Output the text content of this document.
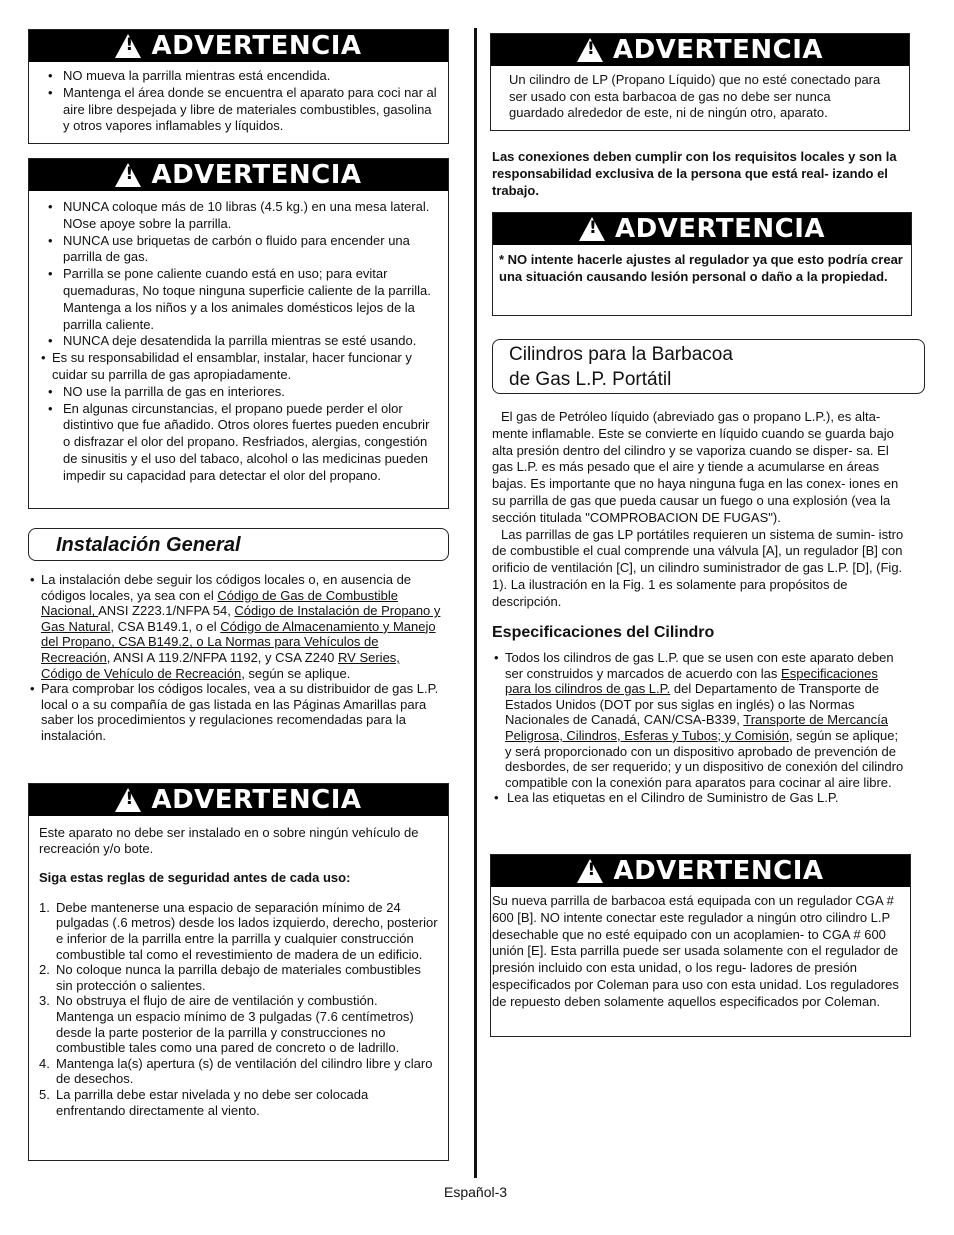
!
ADVERTENCIA
• NO mueva la parrilla mientras está encendida.
• Mantenga el área donde se encuentra el aparato para coci nar al aire libre despejada y libre de materiales combustibles, gasolina y otros vapores inflamables y líquidos.
!
ADVERTENCIA
• NUNCA coloque más de 10 libras (4.5 kg.) en una mesa lateral. NOse apoye sobre la parrilla.
• NUNCA use briquetas de carbón o fluido para encender una parrilla de gas.
• Parrilla se pone caliente cuando está en uso; para evitar quemaduras, No toque ninguna superficie caliente de la parrilla. Mantenga a los niños y a los animales domésticos lejos de la parrilla caliente.
• NUNCA deje desatendida la parrilla mientras se esté usando.
• Es su responsabilidad el ensamblar, instalar, hacer funcionar y cuidar su parrilla de gas apropiadamente.
• NO use la parrilla de gas en interiores.
• En algunas circunstancias, el propano puede perder el olor distintivo que fue añadido. Otros olores fuertes pueden encubrir o disfrazar el olor del propano. Resfriados, alergias, congestión de sinusitis y el uso del tabaco, alcohol o las medicinas pueden impedir su capacidad para detectar el olor del propano.
Instalación General
• La instalación debe seguir los códigos locales o, en ausencia de códigos locales, ya sea con el Código de Gas de Combustible Nacional, ANSI Z223.1/NFPA 54, Código de Instalación de Propano y Gas Natural, CSA B149.1, o el Código de Almacenamiento y Manejo del Propano, CSA B149.2, o La Normas para Vehículos de Recreación, ANSI A 119.2/NFPA 1192, y CSA Z240 RV Series, Código de Vehículo de Recreación, según se aplique.
• Para comprobar los códigos locales, vea a su distribuidor de gas L.P. local o a su compañía de gas listada en las Páginas Amarillas para saber los procedimientos y regulaciones recomendadas para la instalación.
!
ADVERTENCIA

Este aparato no debe ser instalado en o sobre ningún vehículo de recreación y/o bote.

Siga estas reglas de seguridad antes de cada uso:

1. Debe mantenerse una espacio de separación mínimo de 24 pulgadas (.6 metros) desde los lados izquierdo, derecho, posterior e inferior de la parrilla entre la parrilla y cualquier construcción combustible tal como el revestimiento de madera de un edificio.
2. No coloque nunca la parrilla debajo de materiales combustibles sin protección o salientes.
3. No obstruya el flujo de aire de ventilación y combustión. Mantenga un espacio mínimo de 3 pulgadas (7.6 centímetros) desde la parte posterior de la parrilla y construcciones no combustible tales como una pared de concreto o de ladrillo.
4. Mantenga la(s) apertura (s) de ventilación del cilindro libre y claro de desechos.
5. La parrilla debe estar nivelada y no debe ser colocada enfrentando directamente al viento.
!
ADVERTENCIA
Un cilindro de LP (Propano Líquido) que no esté conectado para ser usado con esta barbacoa de gas no debe ser nunca guardado alrededor de este, ni de ningún otro, aparato.
Las conexiones deben cumplir con los requisitos locales y son la responsabilidad exclusiva de la persona que está real- izando el trabajo.
!
ADVERTENCIA
* NO intente hacerle ajustes al regulador ya que esto podría crear una situación causando lesión personal o daño a la propiedad.
Cilindros para la Barbacoa
de Gas L.P. Portátil

El gas de Petróleo líquido (abreviado gas o propano L.P.), es alta- mente inflamable. Este se convierte en líquido cuando se guarda bajo alta presión dentro del cilindro y se vaporiza cuando se disper- sa. El gas L.P. es más pesado que el aire y tiende a acumularse en áreas bajas. Es importante que no haya ninguna fuga en las conex- iones en su parrilla de gas que pueda causar un fuego o una explosión (vea la sección titulada "COMPROBACION DE FUGAS").

Las parrillas de gas LP portátiles requieren un sistema de sumin- istro de combustible el cual comprende una válvula [A], un regulador [B] con orificio de ventilación [C], un cilindro suministrador de gas L.P. [D], (Fig. 1). La ilustración en la Fig. 1 es solamente para propósitos de descripción.

Especificaciones del Cilindro
• Todos los cilindros de gas L.P. que se usen con este aparato deben ser construidos y marcados de acuerdo con las Especificaciones para los cilindros de gas L.P. del Departamento de Transporte de Estados Unidos (DOT por sus siglas en inglés) o las Normas Nacionales de Canadá, CAN/CSA-B339, Transporte de Mercancía Peligrosa, Cilindros, Esferas y Tubos; y Comisión, según se aplique; y será proporcionado con un dispositivo aprobado de prevención de desbordes, de ser requerido; y un dispositivo de conexión del cilindro compatible con la conexión para aparatos para cocinar al aire libre.
• Lea las etiquetas en el Cilindro de Suministro de Gas L.P.
!
ADVERTENCIA
Su nueva parrilla de barbacoa está equipada con un regulador CGA # 600 [B]. NO intente conectar este regulador a ningún otro cilindro L.P desechable que no esté equipado con un acoplamien- to CGA # 600 unión [E]. Esta parrilla puede ser usada solamente con el regulador de presión incluido con esta unidad, o los regu- ladores de presión especificados por Coleman para uso con esta unidad. Los reguladores de repuesto deben solamente aquellos especificados por Coleman.
Español-3
